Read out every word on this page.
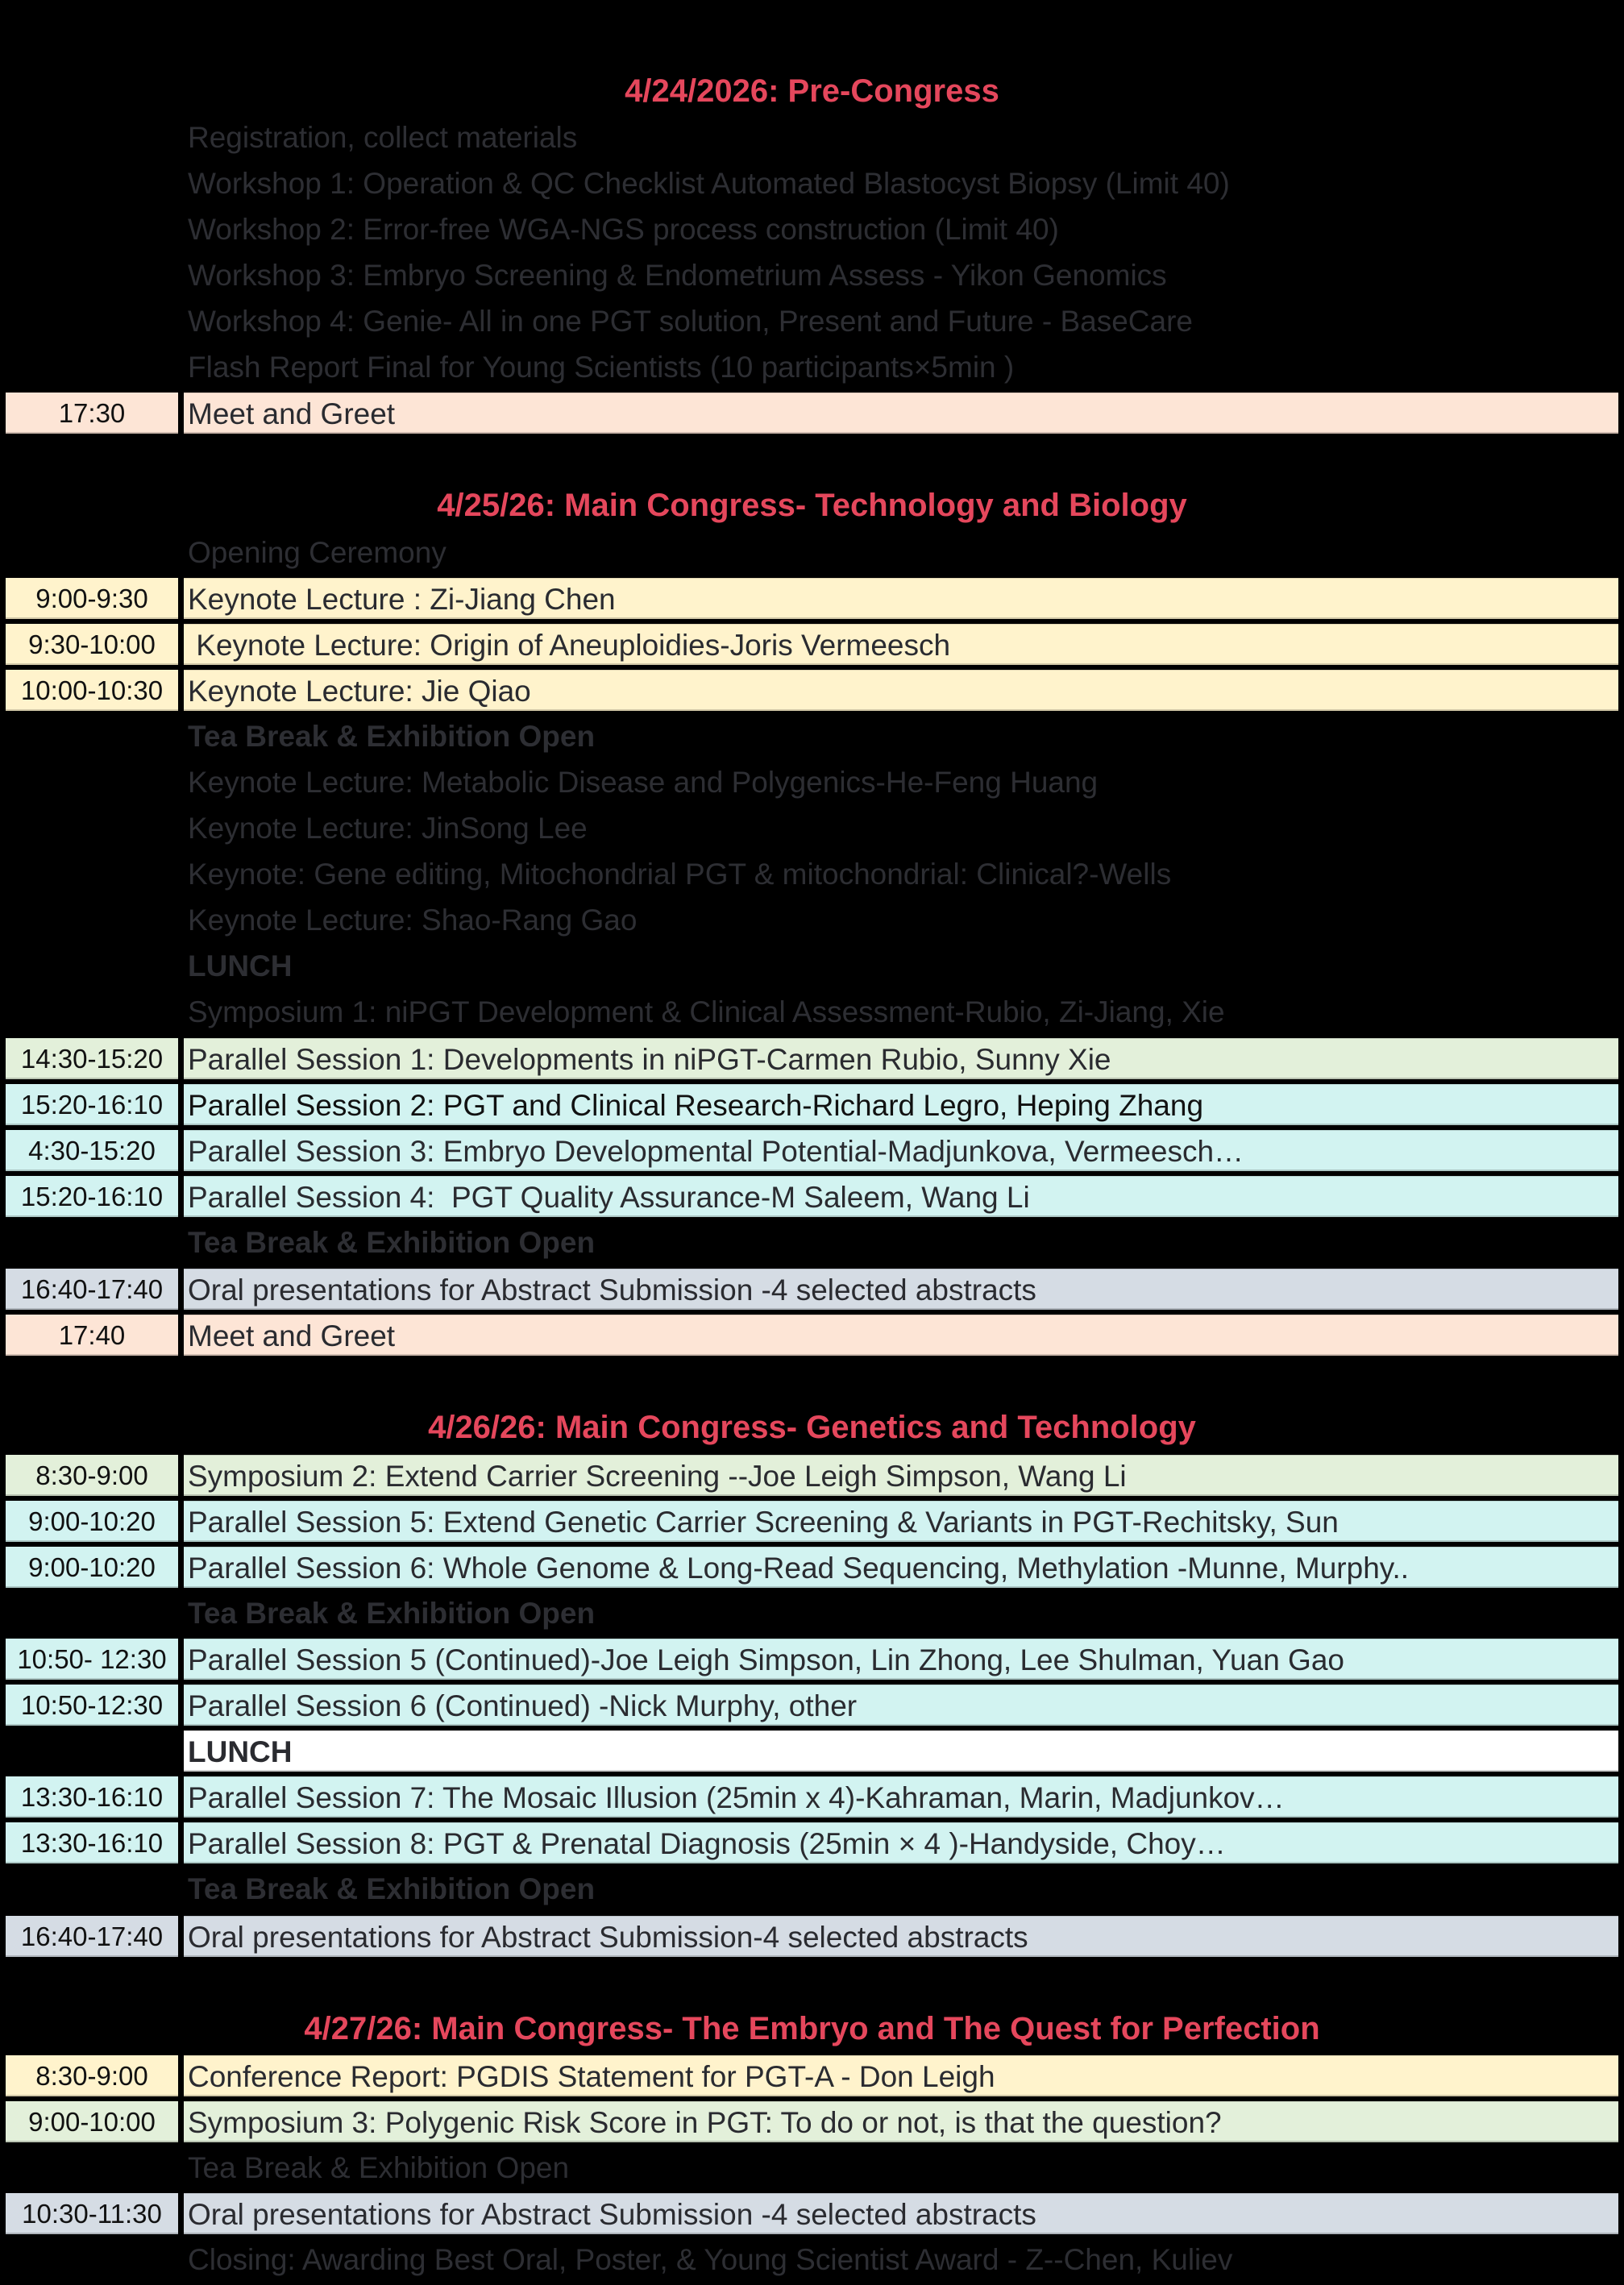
4/24/2026: Pre-Congress
Registration, collect materials
Workshop 1: Operation & QC Checklist Automated Blastocyst Biopsy (Limit 40)
Workshop 2: Error-free WGA-NGS process construction (Limit 40)
Workshop 3: Embryo Screening & Endometrium Assess - Yikon Genomics
Workshop 4: Genie- All in one PGT solution, Present and Future - BaseCare
Flash Report Final for Young Scientists (10 participants×5min )
17:30	Meet and Greet
4/25/26: Main Congress- Technology and Biology
Opening Ceremony
9:00-9:30	Keynote Lecture : Zi-Jiang Chen
9:30-10:00	Keynote Lecture: Origin of Aneuploidies-Joris Vermeesch
10:00-10:30 Keynote Lecture: Jie Qiao
Tea Break & Exhibition Open
Keynote Lecture: Metabolic Disease and Polygenics-He-Feng Huang
Keynote Lecture: JinSong Lee
Keynote: Gene editing, Mitochondrial PGT & mitochondrial: Clinical?-Wells
Keynote Lecture: Shao-Rang Gao
LUNCH
Symposium 1: niPGT Development & Clinical Assessment-Rubio, Zi-Jiang, Xie
14:30-15:20 Parallel Session 1: Developments in niPGT-Carmen Rubio, Sunny Xie
15:20-16:10 Parallel Session 2: PGT and Clinical Research-Richard Legro, Heping Zhang
4:30-15:20	Parallel Session 3: Embryo Developmental Potential-Madjunkova, Vermeesch…
15:20-16:10 Parallel Session 4:  PGT Quality Assurance-M Saleem, Wang Li
Tea Break & Exhibition Open
16:40-17:40 Oral presentations for Abstract Submission -4 selected abstracts
17:40	Meet and Greet
4/26/26: Main Congress- Genetics and Technology
8:30-9:00	Symposium 2: Extend Carrier Screening --Joe Leigh Simpson, Wang Li
9:00-10:20	Parallel Session 5: Extend Genetic Carrier Screening & Variants in PGT-Rechitsky, Sun
9:00-10:20	Parallel Session 6: Whole Genome & Long-Read Sequencing, Methylation -Munne, Murphy..
Tea Break & Exhibition Open
10:50- 12:30 Parallel Session 5 (Continued)-Joe Leigh Simpson, Lin Zhong, Lee Shulman, Yuan Gao
10:50-12:30 Parallel Session 6 (Continued) -Nick Murphy, other
LUNCH
13:30-16:10 Parallel Session 7: The Mosaic Illusion (25min x 4)-Kahraman, Marin, Madjunkov…
13:30-16:10 Parallel Session 8: PGT & Prenatal Diagnosis (25min × 4 )-Handyside, Choy…
Tea Break & Exhibition Open
16:40-17:40 Oral presentations for Abstract Submission-4 selected abstracts
4/27/26: Main Congress- The Embryo and The Quest for Perfection
8:30-9:00	Conference Report: PGDIS Statement for PGT-A - Don Leigh
9:00-10:00	Symposium 3: Polygenic Risk Score in PGT: To do or not, is that the question?
Tea Break & Exhibition Open
10:30-11:30 Oral presentations for Abstract Submission -4 selected abstracts
Closing: Awarding Best Oral, Poster, & Young Scientist Award - Z--Chen, Kuliev
